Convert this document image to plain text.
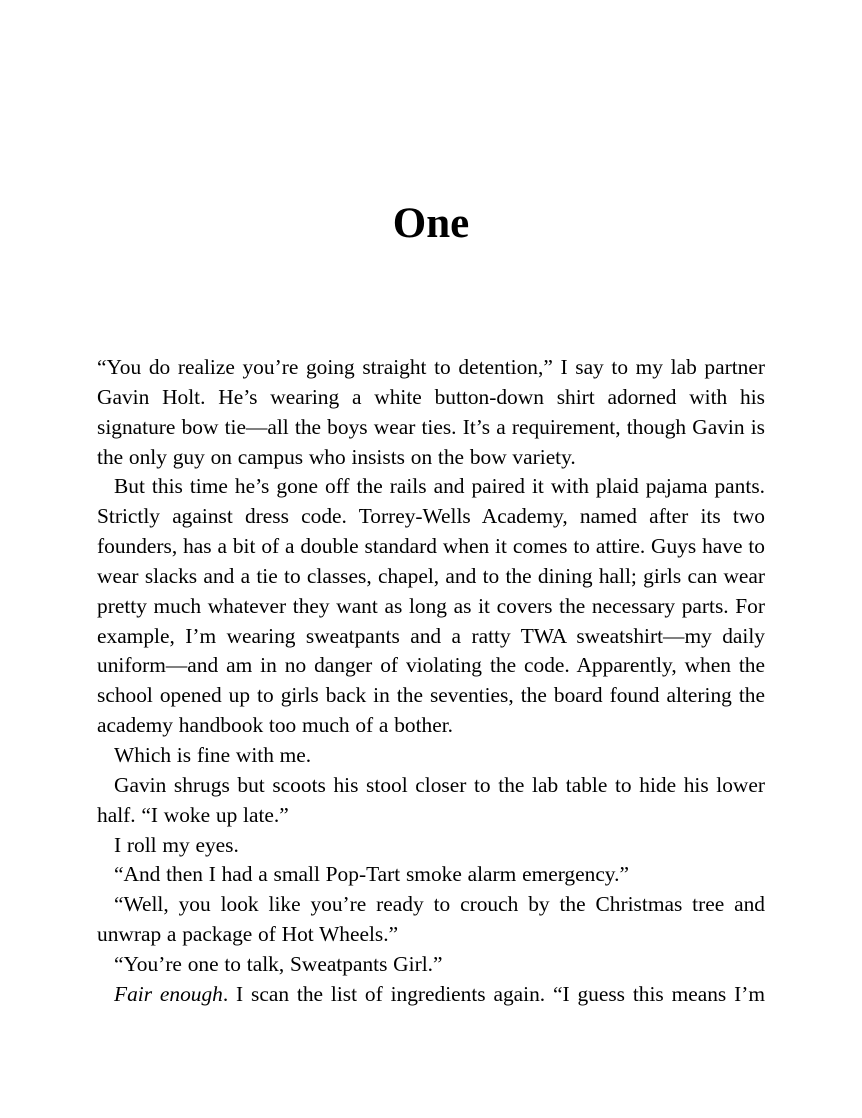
One

“You do realize you’re going straight to detention,” I say to my lab partner Gavin Holt. He’s wearing a white button-down shirt adorned with his signature bow tie—all the boys wear ties. It’s a requirement, though Gavin is the only guy on campus who insists on the bow variety.

But this time he’s gone off the rails and paired it with plaid pajama pants. Strictly against dress code. Torrey-Wells Academy, named after its two founders, has a bit of a double standard when it comes to attire. Guys have to wear slacks and a tie to classes, chapel, and to the dining hall; girls can wear pretty much whatever they want as long as it covers the necessary parts. For example, I’m wearing sweatpants and a ratty TWA sweatshirt—my daily uniform—and am in no danger of violating the code. Apparently, when the school opened up to girls back in the seventies, the board found altering the academy handbook too much of a bother.

Which is fine with me.

Gavin shrugs but scoots his stool closer to the lab table to hide his lower half. “I woke up late.”

I roll my eyes.

“And then I had a small Pop-Tart smoke alarm emergency.”

“Well, you look like you’re ready to crouch by the Christmas tree and unwrap a package of Hot Wheels.”

“You’re one to talk, Sweatpants Girl.”

Fair enough. I scan the list of ingredients again. “I guess this means I’m
